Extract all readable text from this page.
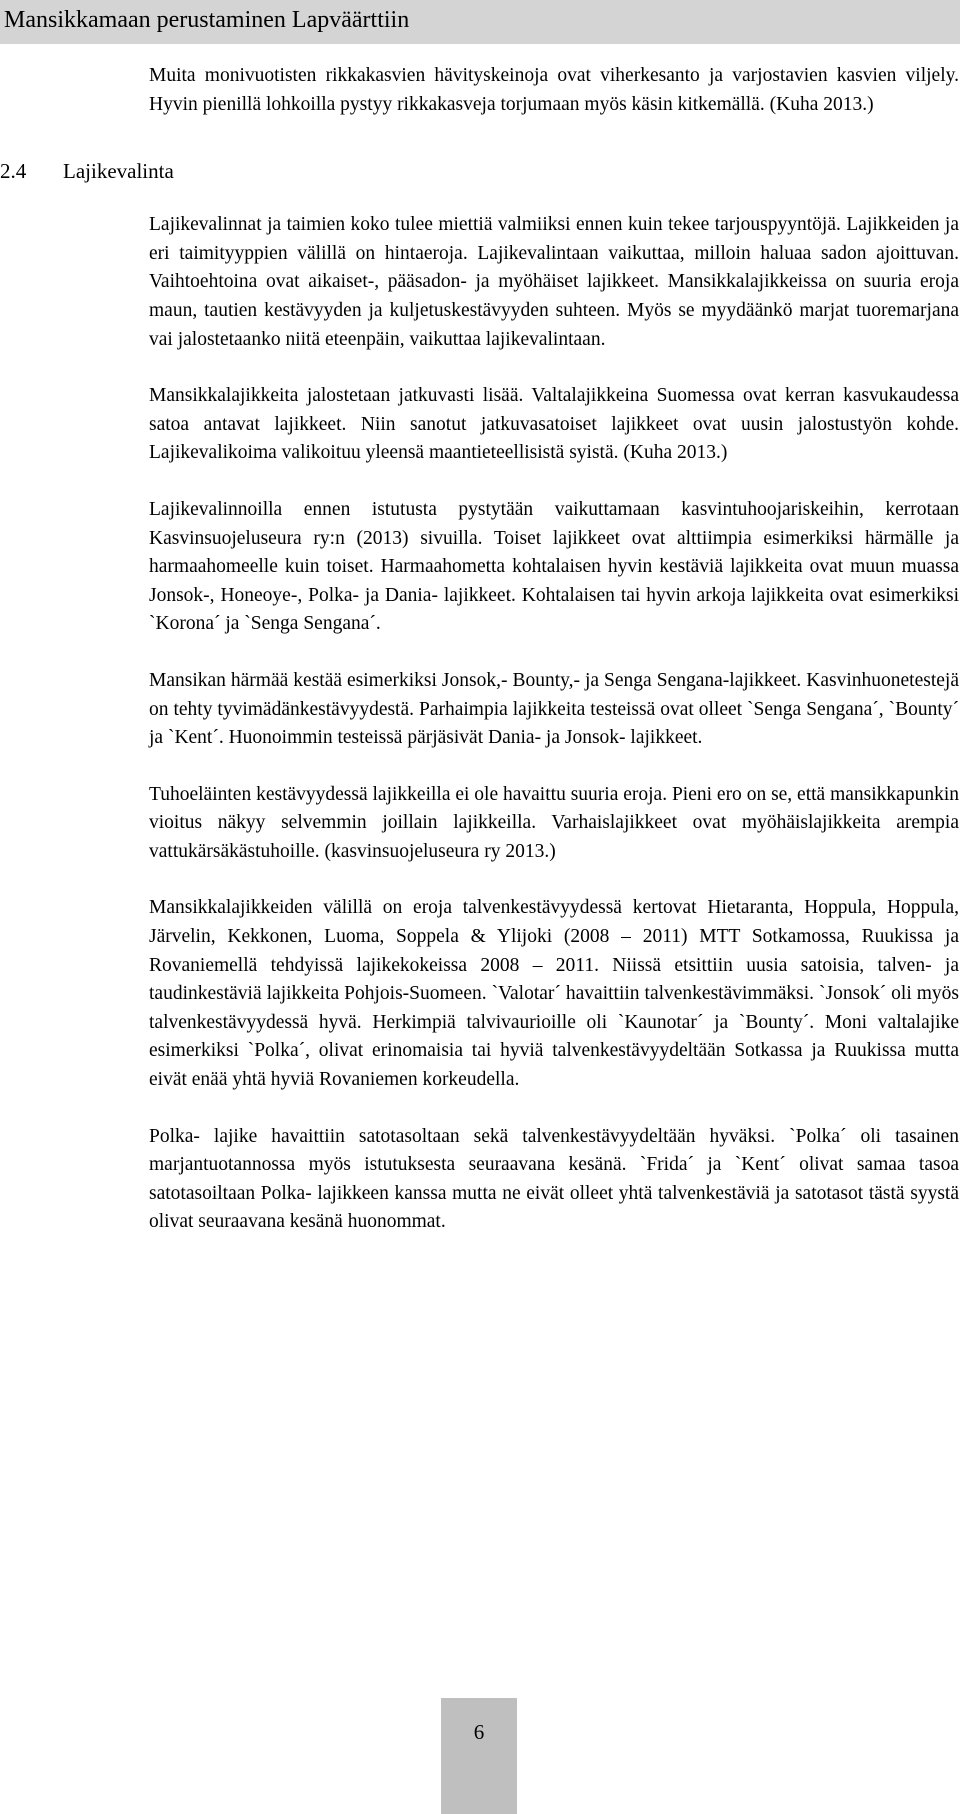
Mansikkamaan perustaminen Lapväärttiin

Muita monivuotisten rikkakasvien hävityskeinoja ovat viherkesanto ja varjostavien kasvien viljely. Hyvin pienillä lohkoilla pystyy rikkakasveja torjumaan myös käsin kitkemällä. (Kuha 2013.)

2.4 Lajikevalinta

Lajikevalinnat ja taimien koko tulee miettiä valmiiksi ennen kuin tekee tarjouspyyntöjä. Lajikkeiden ja eri taimityyppien välillä on hintaeroja. Lajikevalintaan vaikuttaa, milloin haluaa sadon ajoittuvan. Vaihtoehtoina ovat aikaiset-, pääsadon- ja myöhäiset lajikkeet. Mansikkalajikkeissa on suuria eroja maun, tautien kestävyyden ja kuljetuskestävyyden suhteen. Myös se myydäänkö marjat tuoremarjana vai jalostetaanko niitä eteenpäin, vaikuttaa lajikevalintaan.

Mansikkalajikkeita jalostetaan jatkuvasti lisää. Valtalajikkeina Suomessa ovat kerran kasvukaudessa satoa antavat lajikkeet. Niin sanotut jatkuvasatoiset lajikkeet ovat uusin jalostustyön kohde. Lajikevalikoima valikoituu yleensä maantieteellisistä syistä. (Kuha 2013.)

Lajikevalinnoilla ennen istutusta pystytään vaikuttamaan kasvintuhoojariskeihin, kerrotaan Kasvinsuojeluseura ry:n (2013) sivuilla. Toiset lajikkeet ovat alttiimpia esimerkiksi härmälle ja harmaahomeelle kuin toiset. Harmaahometta kohtalaisen hyvin kestäviä lajikkeita ovat muun muassa Jonsok-, Honeoye-, Polka- ja Dania- lajikkeet. Kohtalaisen tai hyvin arkoja lajikkeita ovat esimerkiksi `Korona´ ja `Senga Sengana´.

Mansikan härmää kestää esimerkiksi Jonsok,- Bounty,- ja Senga Sengana-lajikkeet. Kasvinhuonetestejä on tehty tyvimädänkestävyydestä. Parhaimpia lajikkeita testeissä ovat olleet `Senga Sengana´, `Bounty´ ja `Kent´. Huonoimmin testeissä pärjäsivät Dania- ja Jonsok- lajikkeet.

Tuhoeläinten kestävyydessä lajikkeilla ei ole havaittu suuria eroja. Pieni ero on se, että mansikkapunkin vioitus näkyy selvemmin joillain lajikkeilla. Varhaislajikkeet ovat myöhäislajikkeita arempia vattukärsäkästuhoille. (kasvinsuojeluseura ry 2013.)

Mansikkalajikkeiden välillä on eroja talvenkestävyydessä kertovat Hietaranta, Hoppula, Hoppula, Järvelin, Kekkonen, Luoma, Soppela & Ylijoki (2008 – 2011) MTT Sotkamossa, Ruukissa ja Rovaniemellä tehdyissä lajikekokeissa 2008 – 2011. Niissä etsittiin uusia satoisia, talven- ja taudinkestäviä lajikkeita Pohjois-Suomeen. `Valotar´ havaittiin talvenkestävimmäksi. `Jonsok´ oli myös talvenkestävyydessä hyvä. Herkimpiä talvivaurioille oli `Kaunotar´ ja `Bounty´. Moni valtalajike esimerkiksi `Polka´, olivat erinomaisia tai hyviä talvenkestävyydeltään Sotkassa ja Ruukissa mutta eivät enää yhtä hyviä Rovaniemen korkeudella.

Polka- lajike havaittiin satotasoltaan sekä talvenkestävyydeltään hyväksi. `Polka´ oli tasainen marjantuotannossa myös istutuksesta seuraavana kesänä. `Frida´ ja `Kent´ olivat samaa tasoa satotasoiltaan Polka- lajikkeen kanssa mutta ne eivät olleet yhtä talvenkestäviä ja satotasot tästä syystä olivat seuraavana kesänä huonommat.

6
